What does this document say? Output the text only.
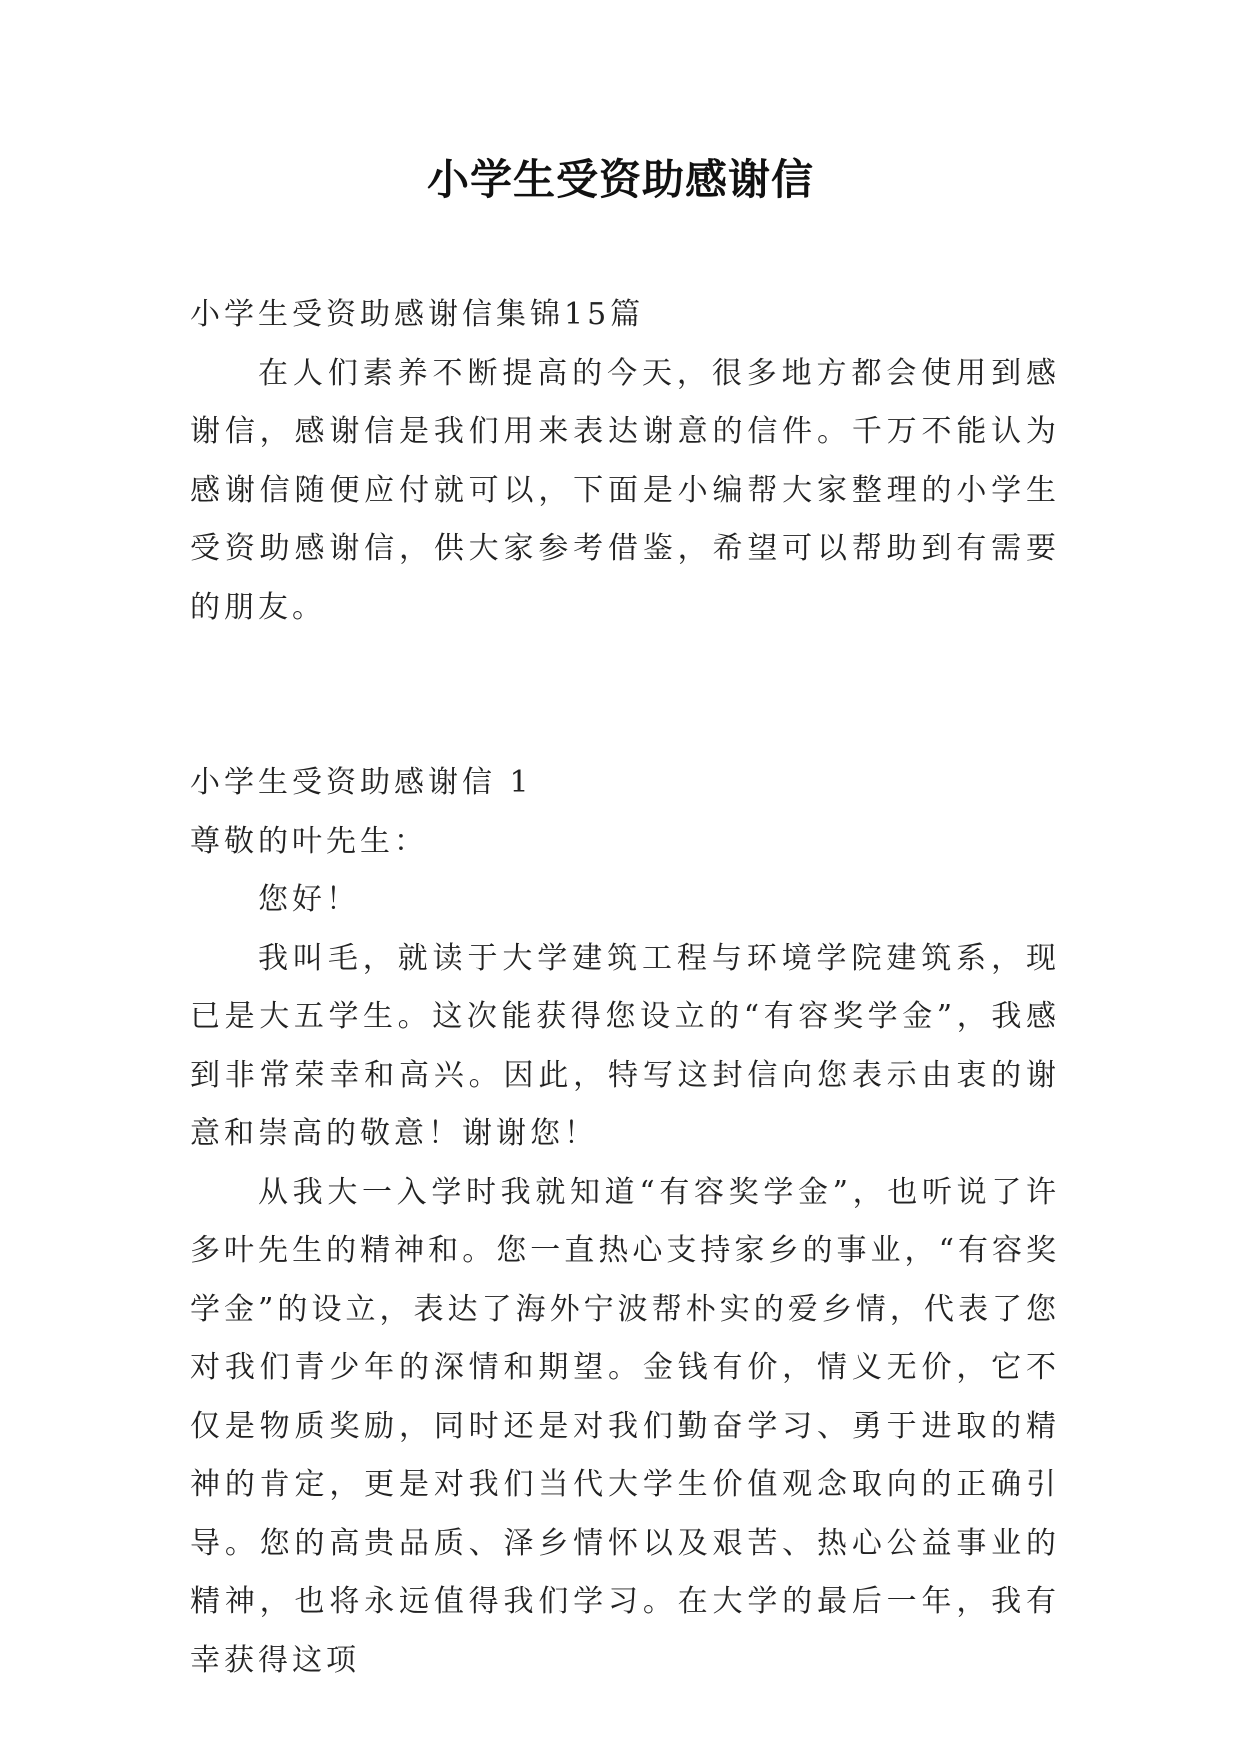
小学生受资助感谢信

小学生受资助感谢信集锦15篇

在人们素养不断提高的今天，很多地方都会使用到感谢信，感谢信是我们用来表达谢意的信件。千万不能认为感谢信随便应付就可以，下面是小编帮大家整理的小学生受资助感谢信，供大家参考借鉴，希望可以帮助到有需要的朋友。

小学生受资助感谢信 1

尊敬的叶先生：

您好！

我叫毛，就读于大学建筑工程与环境学院建筑系，现已是大五学生。这次能获得您设立的“有容奖学金”，我感到非常荣幸和高兴。因此，特写这封信向您表示由衷的谢意和崇高的敬意！谢谢您！

从我大一入学时我就知道“有容奖学金”，也听说了许多叶先生的精神和。您一直热心支持家乡的事业，“有容奖学金”的设立，表达了海外宁波帮朴实的爱乡情，代表了您对我们青少年的深情和期望。金钱有价，情义无价，它不仅是物质奖励，同时还是对我们勤奋学习、勇于进取的精神的肯定，更是对我们当代大学生价值观念取向的正确引导。您的高贵品质、泽乡情怀以及艰苦、热心公益事业的精神，也将永远值得我们学习。在大学的最后一年，我有幸获得这项
